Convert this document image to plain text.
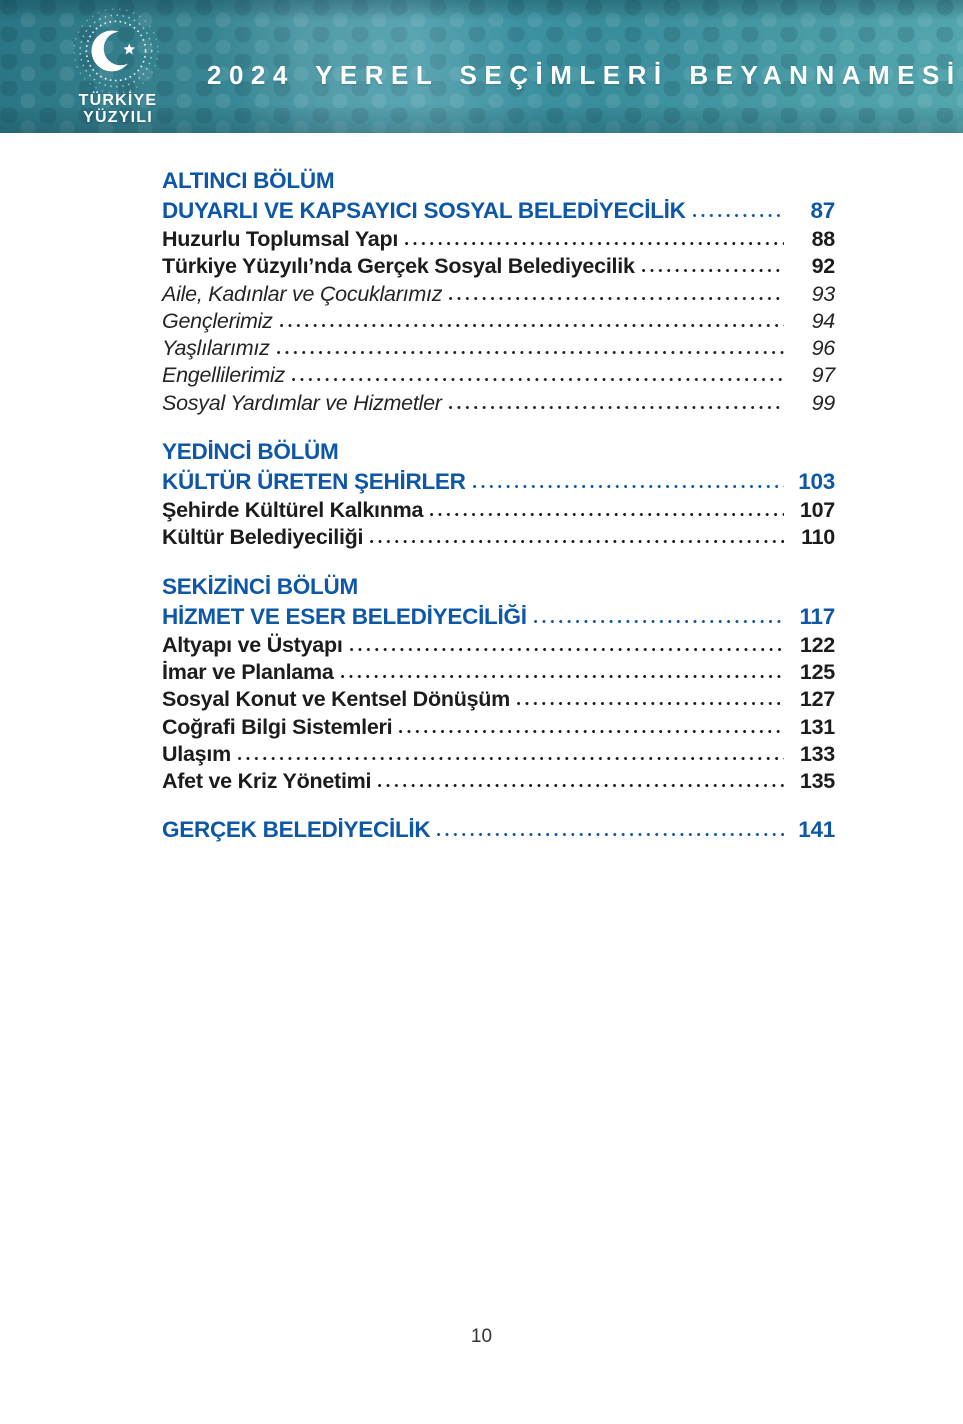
TÜRKİYE
YÜZYILI
2024 YEREL SEÇİMLERİ BEYANNAMESİ
ALTINCI BÖLÜM
DUYARLI VE KAPSAYICI SOSYAL BELEDİYECİLİK	87
Huzurlu Toplumsal Yapı	88
Türkiye Yüzyılı’nda Gerçek Sosyal Belediyecilik	92
Aile, Kadınlar ve Çocuklarımız	93
Gençlerimiz	94
Yaşlılarımız	96
Engellilerimiz	97
Sosyal Yardımlar ve Hizmetler	99
YEDİNCİ BÖLÜM
KÜLTÜR ÜRETEN ŞEHİRLER	103
Şehirde Kültürel Kalkınma	107
Kültür Belediyeciliği	110
SEKİZİNCİ BÖLÜM
HİZMET VE ESER BELEDİYECİLİĞİ	117
Altyapı ve Üstyapı	122
İmar ve Planlama	125
Sosyal Konut ve Kentsel Dönüşüm	127
Coğrafi Bilgi Sistemleri	131
Ulaşım	133
Afet ve Kriz Yönetimi	135
GERÇEK BELEDİYECİLİK	141
10
